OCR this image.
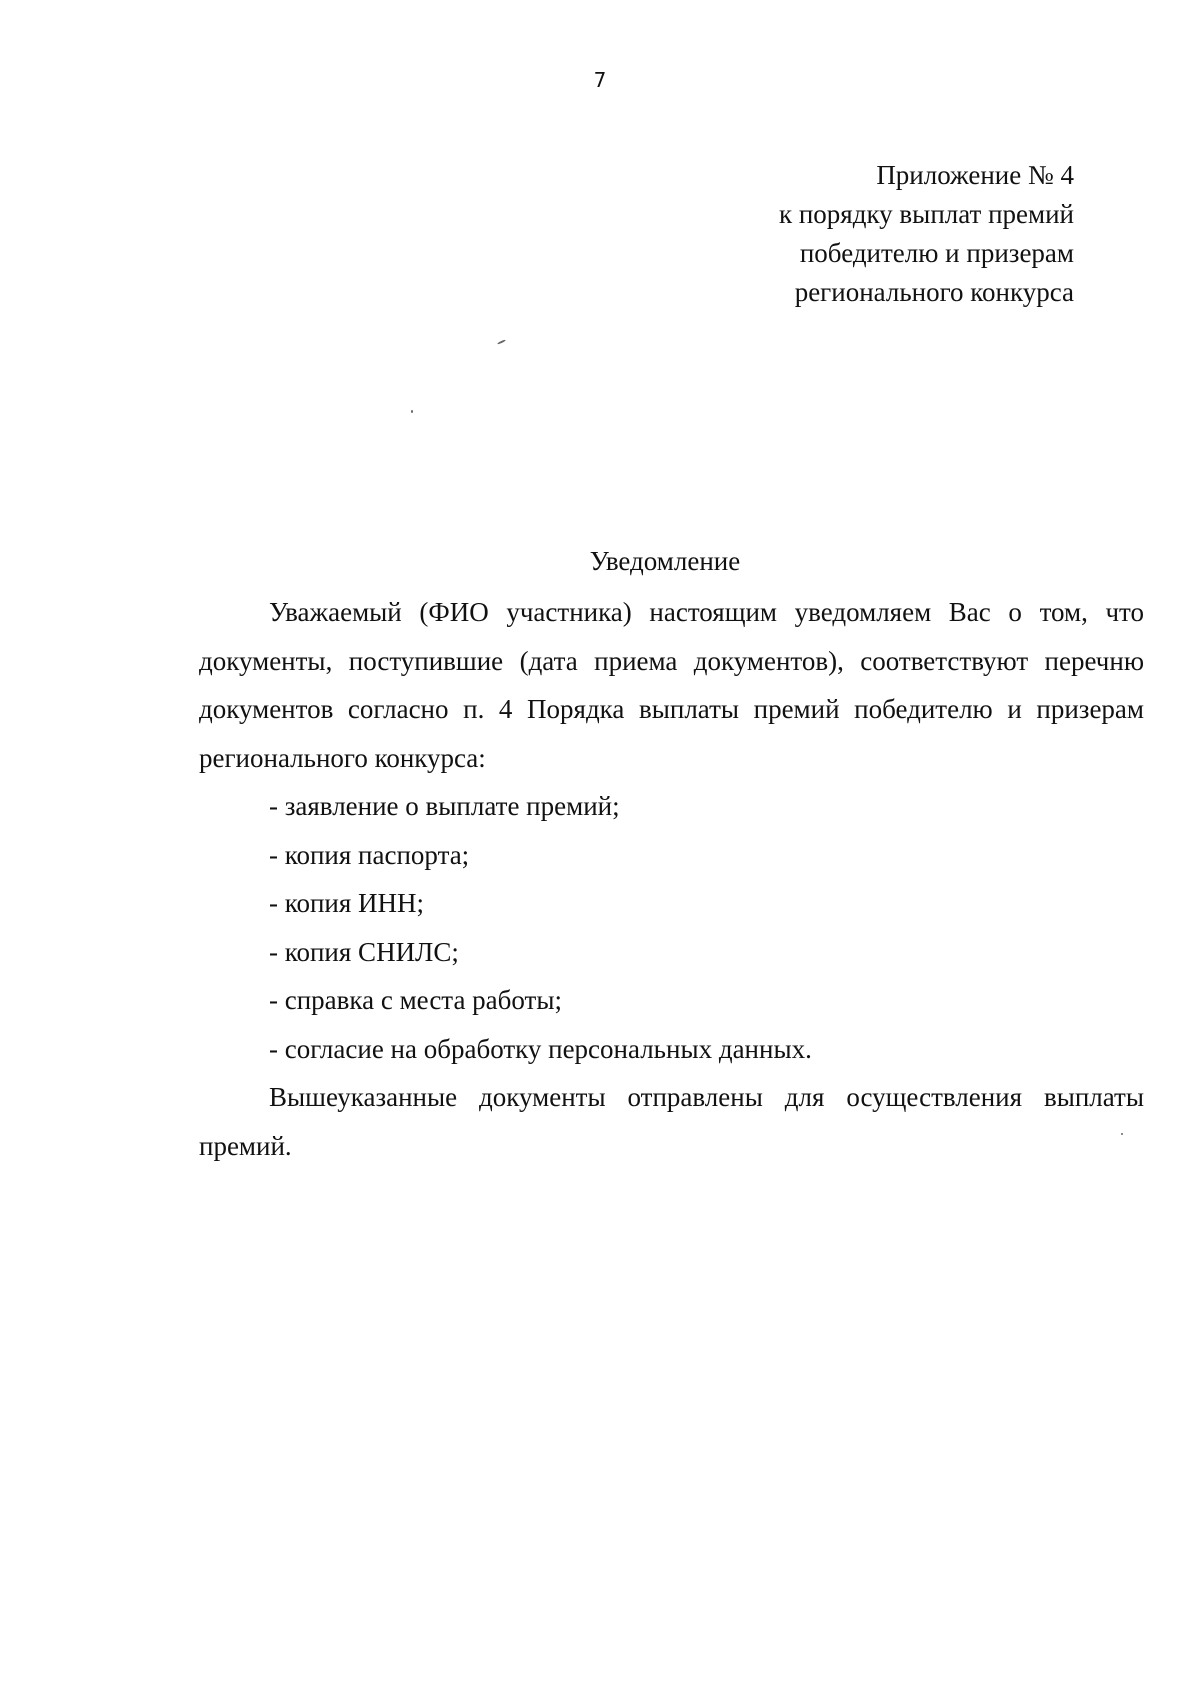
7
Приложение № 4
к порядку выплат премий
победителю и призерам
регионального конкурса
Уведомление

Уважаемый (ФИО участника) настоящим уведомляем Вас о том, что документы, поступившие (дата приема документов), соответствуют перечню документов согласно п. 4 Порядка выплаты премий победителю и призерам регионального конкурса:

- заявление о выплате премий;
- копия паспорта;
- копия ИНН;
- копия СНИЛС;
- справка с места работы;
- согласие на обработку персональных данных.

Вышеуказанные документы отправлены для осуществления выплаты премий.
